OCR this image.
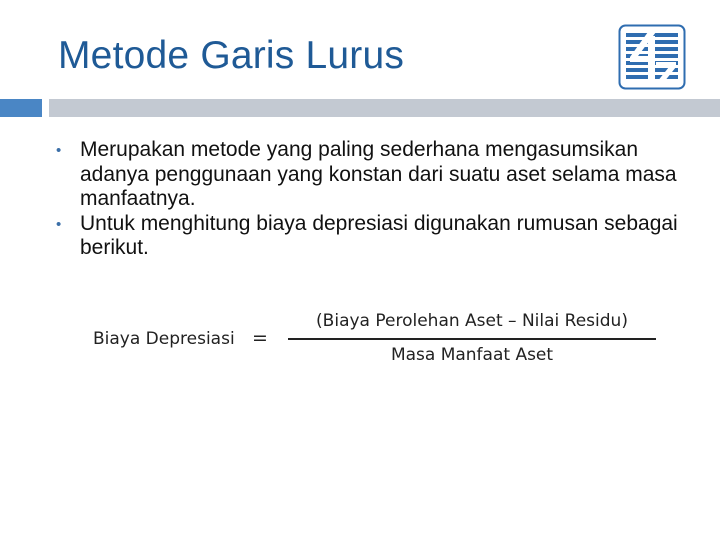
Metode Garis Lurus
• Merupakan metode yang paling sederhana mengasumsikan adanya penggunaan yang konstan dari suatu aset selama masa manfaatnya.
• Untuk menghitung biaya depresiasi digunakan rumusan sebagai berikut.
Biaya Depresiasi =
(Biaya Perolehan Aset – Nilai Residu)
Masa Manfaat Aset
